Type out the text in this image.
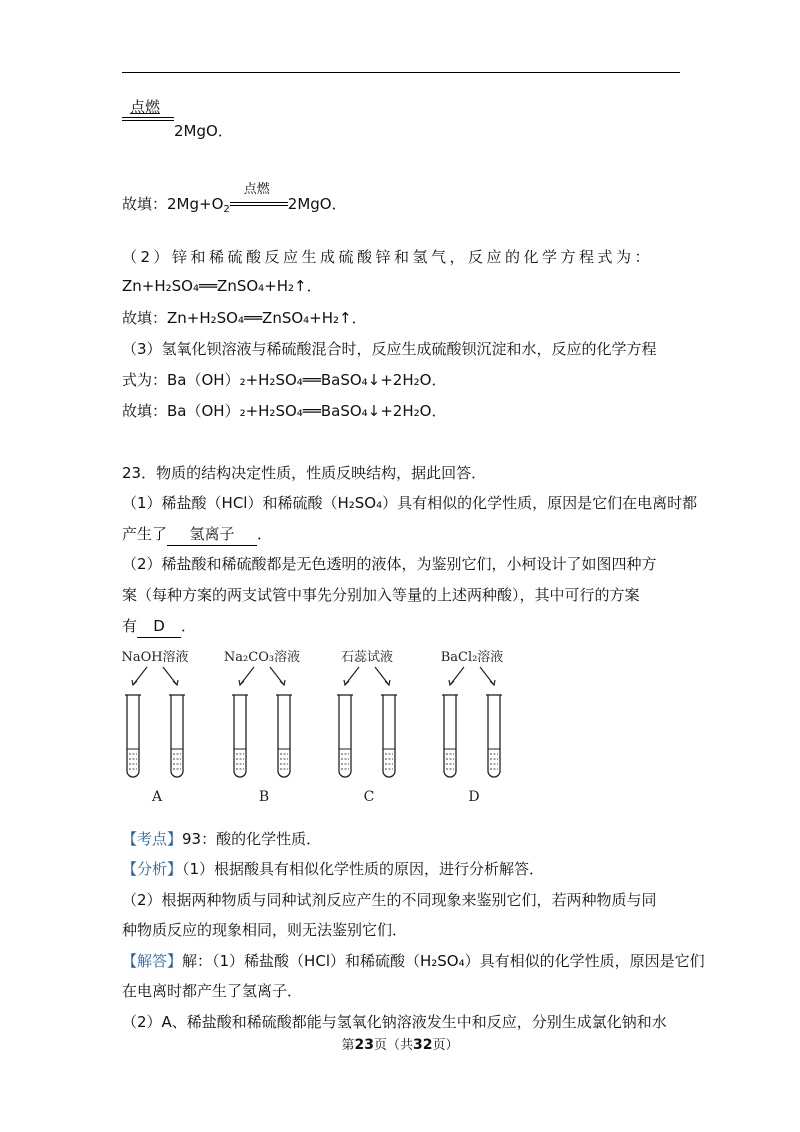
点燃
2MgO．
故填：$2Mg+O_2$
点燃
2MgO．
（2）锌和稀硫酸反应生成硫酸锌和氢气，反应的化学方程式为：
Zn+H₂SO₄══ZnSO₄+H₂↑．
故填：Zn+H₂SO₄══ZnSO₄+H₂↑．
（3）氢氧化钡溶液与稀硫酸混合时，反应生成硫酸钡沉淀和水，反应的化学方程
式为：Ba（OH）₂+H₂SO₄══BaSO₄↓+2H₂O．
故填：Ba（OH）₂+H₂SO₄══BaSO₄↓+2H₂O．
23．物质的结构决定性质，性质反映结构，据此回答．
（1）稀盐酸（HCl）和稀硫酸（H₂SO₄）具有相似的化学性质，原因是它们在电离时都
产生了 氢离子 ．
（2）稀盐酸和稀硫酸都是无色透明的液体，为鉴别它们，小柯设计了如图四种方
案（每种方案的两支试管中事先分别加入等量的上述两种酸），其中可行的方案
有 D ．
NaOH溶液
A
Na₂CO₃溶液
B
石蕊试液
C
BaCl₂溶液
D
【考点】93：酸的化学性质．
【分析】（1）根据酸具有相似化学性质的原因，进行分析解答．
（2）根据两种物质与同种试剂反应产生的不同现象来鉴别它们，若两种物质与同
种物质反应的现象相同，则无法鉴别它们．
【解答】解：（1）稀盐酸（HCl）和稀硫酸（H₂SO₄）具有相似的化学性质，原因是它们
在电离时都产生了氢离子．
（2）A、稀盐酸和稀硫酸都能与氢氧化钠溶液发生中和反应，分别生成氯化钠和水
第23页（共32页）
